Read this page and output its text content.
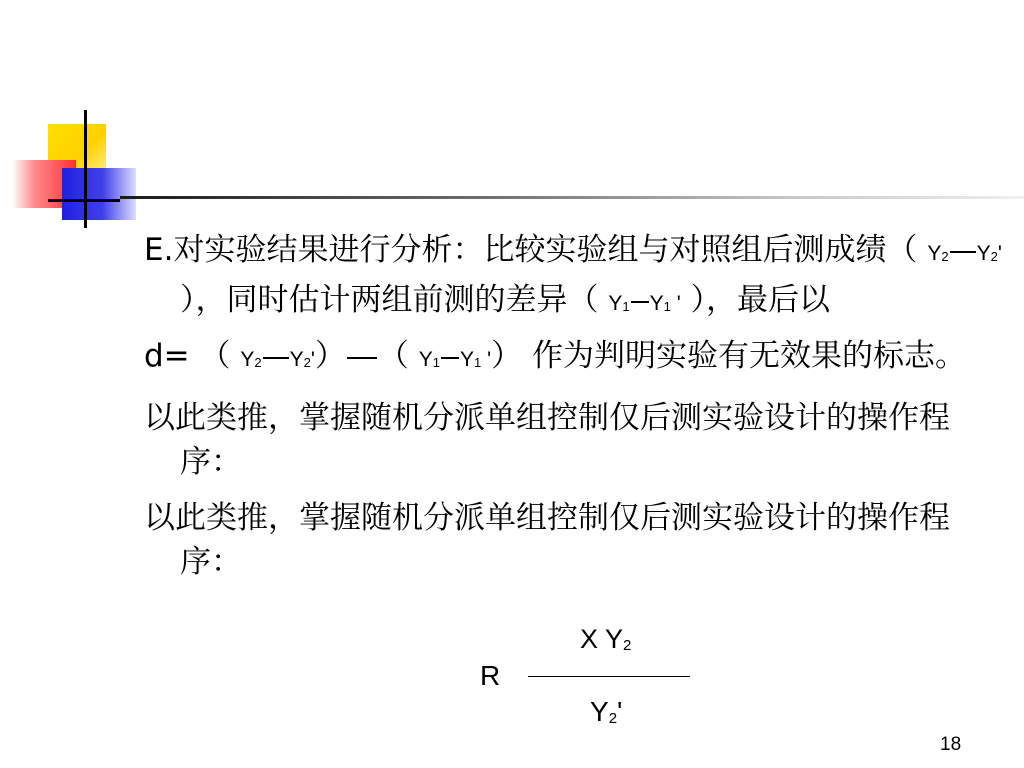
E.对实验结果进行分析：比较实验组与对照组后测成绩（ $Y_2$ $Y_2'$），同时估计两组前测的差异（ $Y_1$ $Y_1$ ' ），最后以
d= （ $Y_2$ $Y_2'$） （ $Y_1$ $Y_1$ '） 作为判明实验有无效果的标志。
以此类推，掌握随机分派单组控制仅后测实验设计的操作程序：
以此类推，掌握随机分派单组控制仅后测实验设计的操作程序：
X $Y_2$
R
$Y_2'$
18
